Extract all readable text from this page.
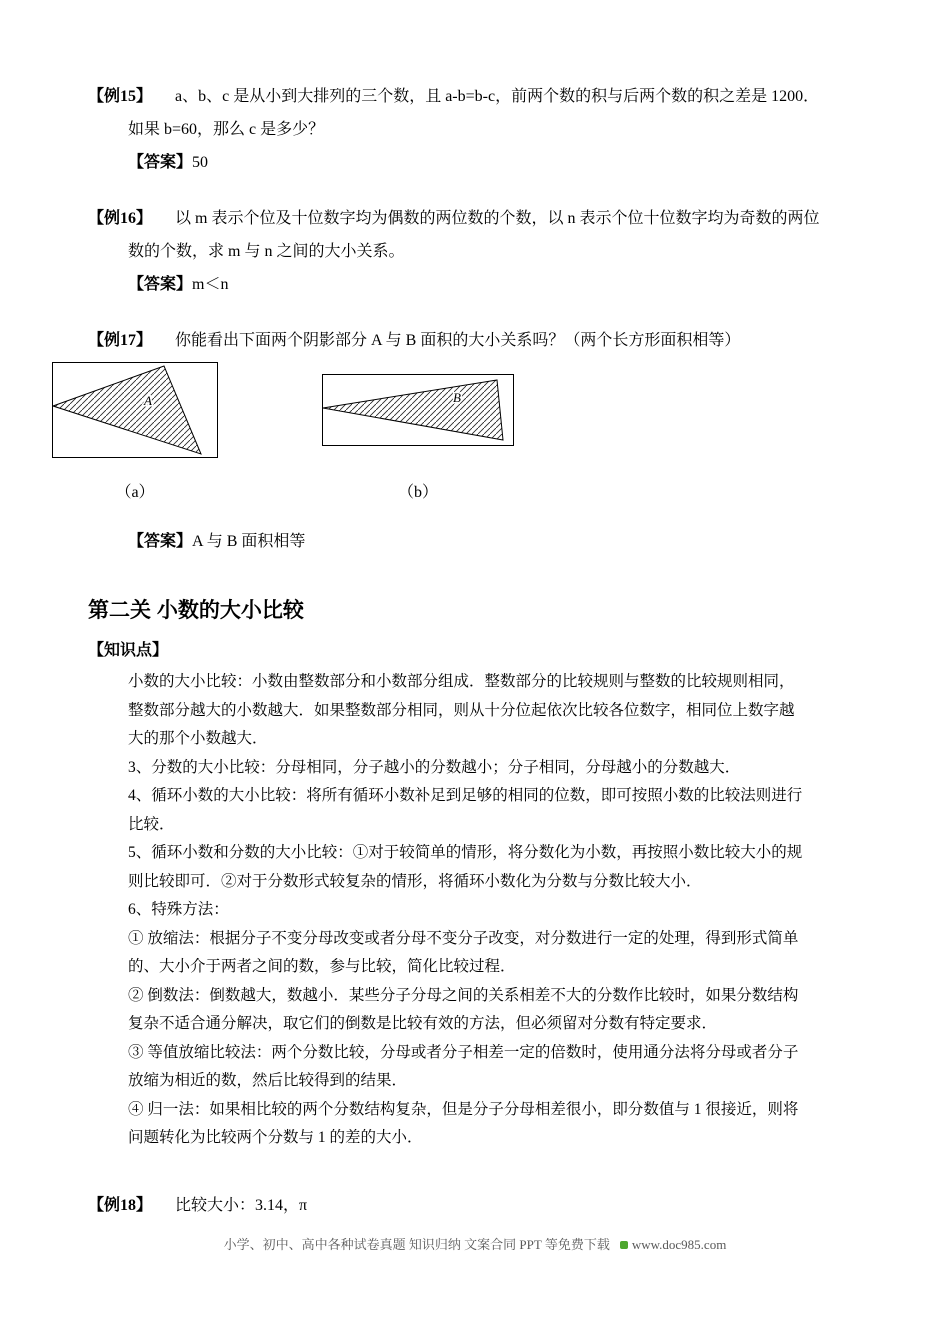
【例15】	a、b、c 是从小到大排列的三个数，且 a-b=b-c，前两个数的积与后两个数的积之差是 1200．
如果 b=60，那么 c 是多少？
【答案】50
【例16】	以 m 表示个位及十位数字均为偶数的两位数的个数，以 n 表示个位十位数字均为奇数的两位
数的个数，求 m 与 n 之间的大小关系。
【答案】m＜n
【例17】	你能看出下面两个阴影部分 A 与 B 面积的大小关系吗？（两个长方形面积相等）
A
（a）
B
（b）
【答案】A 与 B 面积相等
第二关 小数的大小比较
【知识点】
小数的大小比较：小数由整数部分和小数部分组成．整数部分的比较规则与整数的比较规则相同，
整数部分越大的小数越大．如果整数部分相同，则从十分位起依次比较各位数字，相同位上数字越
大的那个小数越大．
3、分数的大小比较：分母相同，分子越小的分数越小；分子相同，分母越小的分数越大．
4、循环小数的大小比较：将所有循环小数补足到足够的相同的位数，即可按照小数的比较法则进行
比较．
5、循环小数和分数的大小比较：①对于较简单的情形，将分数化为小数，再按照小数比较大小的规
则比较即可．②对于分数形式较复杂的情形，将循环小数化为分数与分数比较大小．
6、特殊方法：
① 放缩法：根据分子不变分母改变或者分母不变分子改变，对分数进行一定的处理，得到形式简单
的、大小介于两者之间的数，参与比较，简化比较过程．
② 倒数法：倒数越大，数越小．某些分子分母之间的关系相差不大的分数作比较时，如果分数结构
复杂不适合通分解决，取它们的倒数是比较有效的方法，但必须留对分数有特定要求．
③ 等值放缩比较法：两个分数比较，分母或者分子相差一定的倍数时，使用通分法将分母或者分子
放缩为相近的数，然后比较得到的结果．
④ 归一法：如果相比较的两个分数结构复杂，但是分子分母相差很小，即分数值与 1 很接近，则将
问题转化为比较两个分数与 1 的差的大小．
【例18】	比较大小：3.14，π
小学、初中、高中各种试卷真题 知识归纳 文案合同 PPT 等免费下载 www.doc985.com
